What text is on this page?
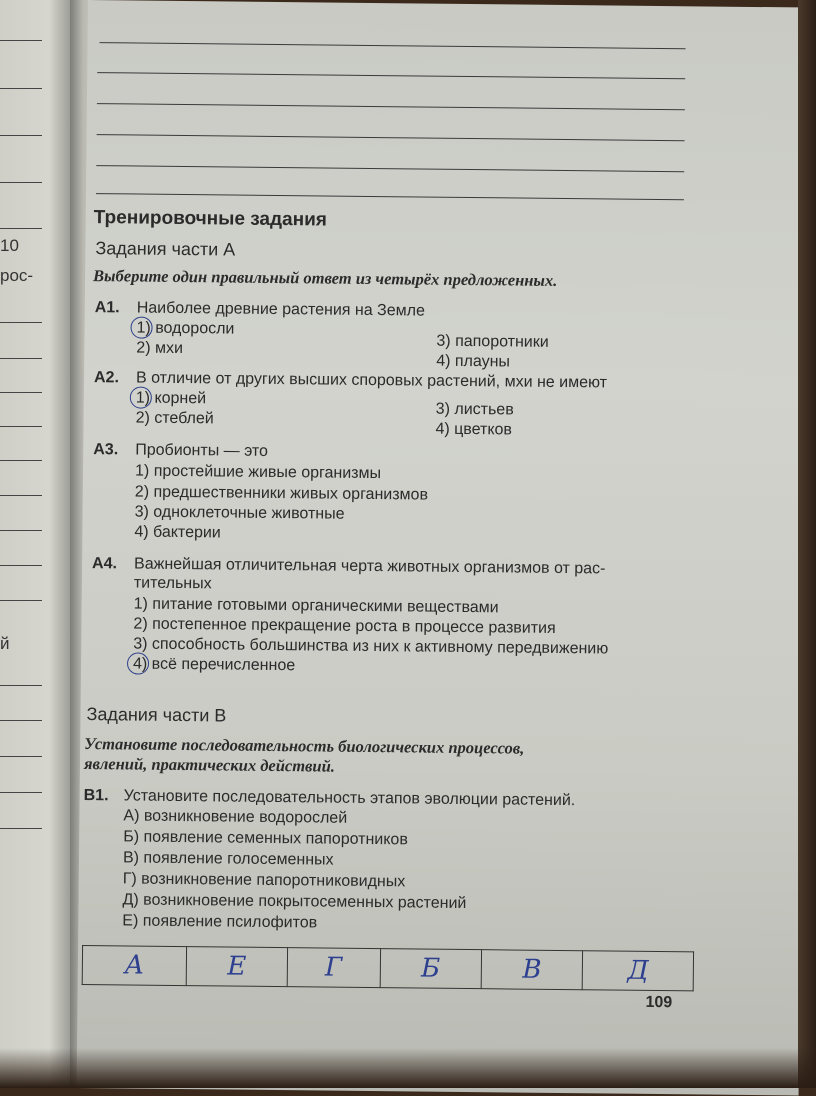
10
рос-
й
Тренировочные задания
Задания части А
Выберите один правильный ответ из четырёх предложенных.
А1. Наиболее древние растения на Земле
1) водоросли
2) мхи	3) папоротники
4) плауны
А2. В отличие от других высших споровых растений, мхи не имеют
1) корней
2) стеблей	3) листьев
4) цветков
А3. Пробионты — это
1) простейшие живые организмы
2) предшественники живых организмов
3) одноклеточные животные
4) бактерии
А4. Важнейшая отличительная черта животных организмов от рас-
тительных
1) питание готовыми органическими веществами
2) постепенное прекращение роста в процессе развития
3) способность большинства из них к активному передвижению
4) всё перечисленное
Задания части В
Установите последовательность биологических процессов,
явлений, практических действий.
В1. Установите последовательность этапов эволюции растений.
А) возникновение водорослей
Б) появление семенных папоротников
В) появление голосеменных
Г) возникновение папоротниковидных
Д) возникновение покрытосеменных растений
Е) появление псилофитов
А	Е	Г	Б	В	Д
109
